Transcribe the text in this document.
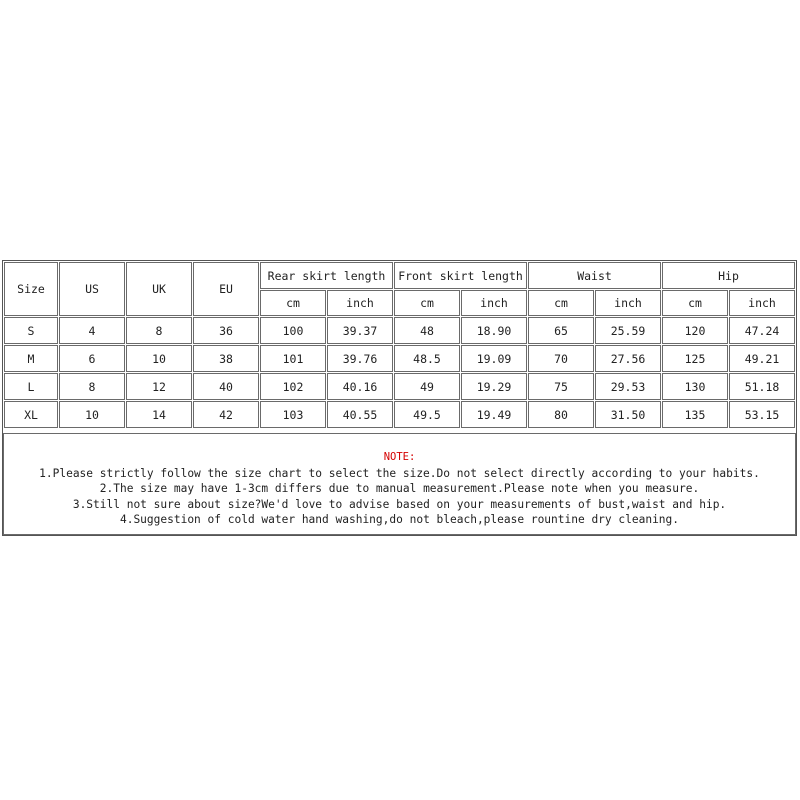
Size	US	UK	EU	Rear skirt length		Front skirt length		Waist		Hip	
				cm	inch	cm	inch	cm	inch	cm	inch
S	4	8	36	100	39.37	48	18.90	65	25.59	120	47.24
M	6	10	38	101	39.76	48.5	19.09	70	27.56	125	49.21
L	8	12	40	102	40.16	49	19.29	75	29.53	130	51.18
XL	10	14	42	103	40.55	49.5	19.49	80	31.50	135	53.15
NOTE:
1.Please strictly follow the size chart to select the size.Do not select directly according to your habits.
2.The size may have 1-3cm differs due to manual measurement.Please note when you measure.
3.Still not sure about size?We'd love to advise based on your measurements of bust,waist and hip.
4.Suggestion of cold water hand washing,do not bleach,please rountine dry cleaning.
